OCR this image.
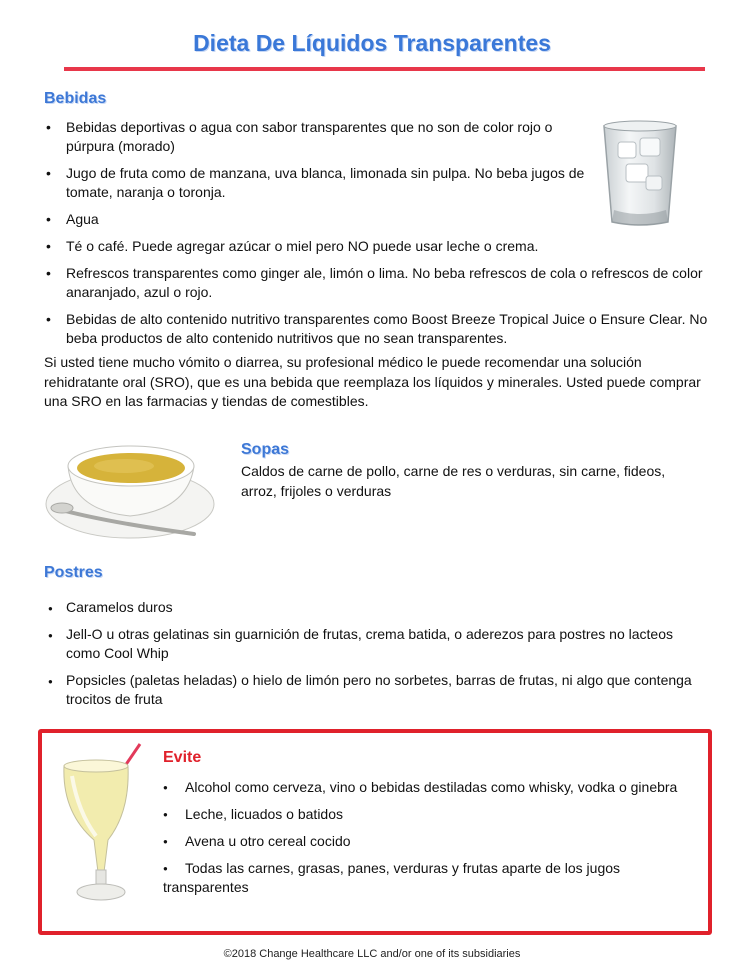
Dieta De Líquidos Transparentes
Bebidas
• Bebidas deportivas o agua con sabor transparentes que no son de color rojo o púrpura (morado)
• Jugo de fruta como de manzana, uva blanca, limonada sin pulpa. No beba jugos de tomate, naranja o toronja.
• Agua
• Té o café. Puede agregar azúcar o miel pero NO puede usar leche o crema.
• Refrescos transparentes como ginger ale, limón o lima. No beba refrescos de cola o refrescos de color anaranjado, azul o rojo.
• Bebidas de alto contenido nutritivo transparentes como Boost Breeze Tropical Juice o Ensure Clear. No beba productos de alto contenido nutritivos que no sean transparentes.

Si usted tiene mucho vómito o diarrea, su profesional médico le puede recomendar una solución rehidratante oral (SRO), que es una bebida que reemplaza los líquidos y minerales. Usted puede comprar una SRO en las farmacias y tiendas de comestibles.

Sopas

Caldos de carne de pollo, carne de res o verduras, sin carne, fideos, arroz, frijoles o verduras

Postres
● Caramelos duros
● Jell-O u otras gelatinas sin guarnición de frutas, crema batida, o aderezos para postres no lacteos como Cool Whip
● Popsicles (paletas heladas) o hielo de limón pero no sorbetes, barras de frutas, ni algo que contenga trocitos de fruta
Evite
● Alcohol como cerveza, vino o bebidas destiladas como whisky, vodka o ginebra
● Leche, licuados o batidos
● Avena u otro cereal cocido
● Todas las carnes, grasas, panes, verduras y frutas aparte de los jugos transparentes
©2018 Change Healthcare LLC and/or one of its subsidiaries
